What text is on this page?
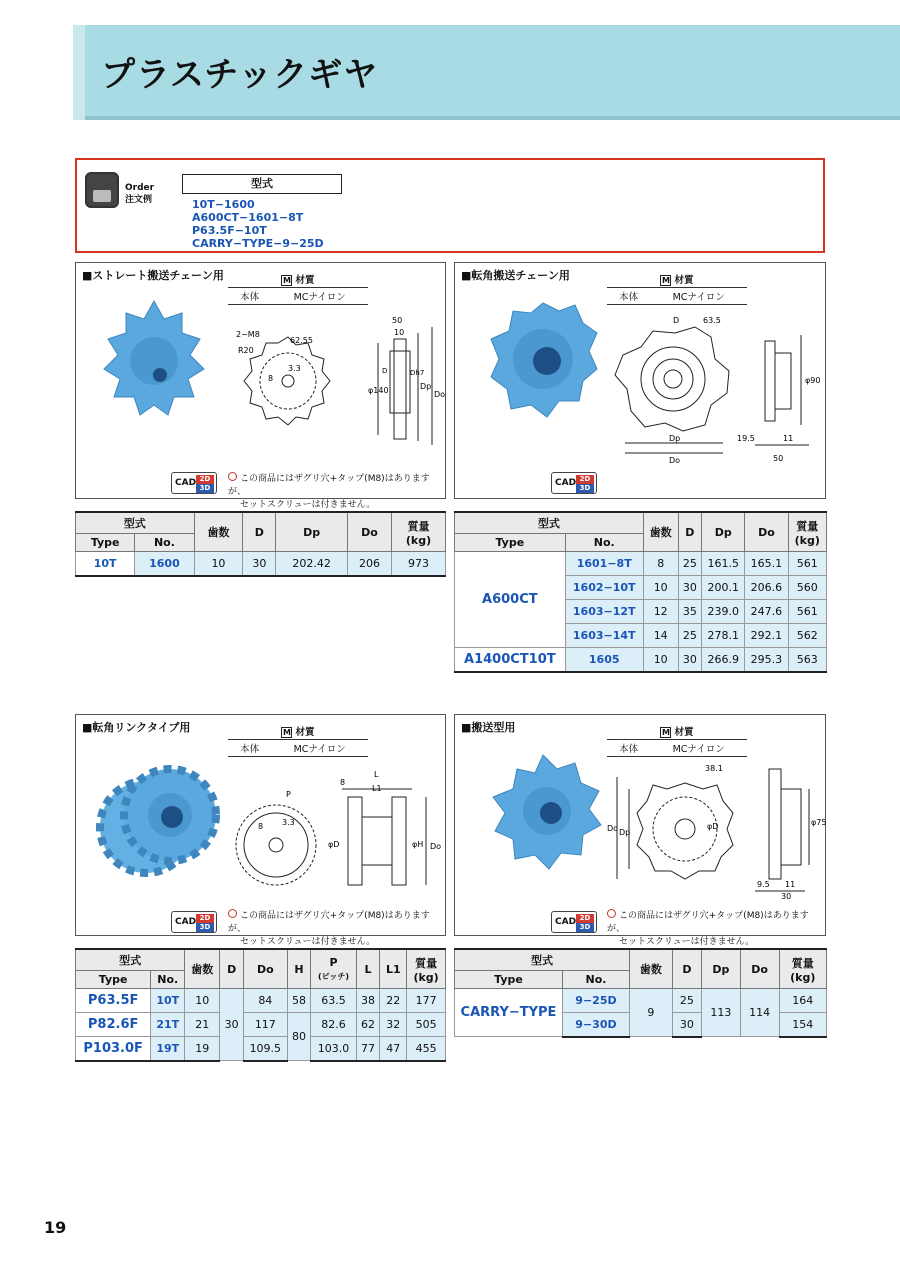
プラスチックギヤ
Order
注文例
型式
10T−1600
A600CT−1601−8T
P63.5F−10T
CARRY−TYPE−9−25D
■ストレート搬送チェーン用	M 材質
本体	MCナイロン
2−M8
62.55
R20
8
3.3
φ140
50
10
D
Dp
Do
Dh7
CAD 2D
3D
この商品にはザグリ穴+タップ(M8)はありますが、
セットスクリューは付きません。
■転角搬送チェーン用	M 材質
本体	MCナイロン
D	63.5
φ90
19.5	11
50
Dp
Do
CAD 2D
3D
型式		歯数	D	Dp	Do	質量
(kg)
Type	No.					
10T	1600	10	30	202.42	206	973
型式		歯数	D	Dp	Do	質量
(kg)
Type	No.					
A600CT	1601−8T	8	25	161.5	165.1	561
	1602−10T	10	30	200.1	206.6	560
	1603−12T	12	35	239.0	247.6	561
	1603−14T	14	25	278.1	292.1	562
A1400CT10T	1605	10	30	266.9	295.3	563
■転角リンクタイプ用	M 材質
本体	MCナイロン
P
8 3.3
L
L1
φD	φH Do
8
CAD 2D
3D
この商品にはザグリ穴+タップ(M8)はありますが、
セットスクリューは付きません。
■搬送型用	M 材質
本体	MCナイロン
38.1
φD	φ75
9.5 11
30
Do Dp
CAD 2D
3D
この商品にはザグリ穴+タップ(M8)はありますが、
セットスクリューは付きません。
型式		歯数	D	Do	H	P
(ピッチ)	L	L1	質量
(kg)
Type	No.								
P63.5F	10T	10	30	84	58	63.5	38	22	177
P82.6F	21T	21		117	80	82.6	62	32	505
P103.0F	19T	19		109.5		103.0	77	47	455
型式		歯数	D	Dp	Do	質量
(kg)
Type	No.					
CARRY−TYPE	9−25D	9	25	113	114	164
	9−30D		30			154
19
